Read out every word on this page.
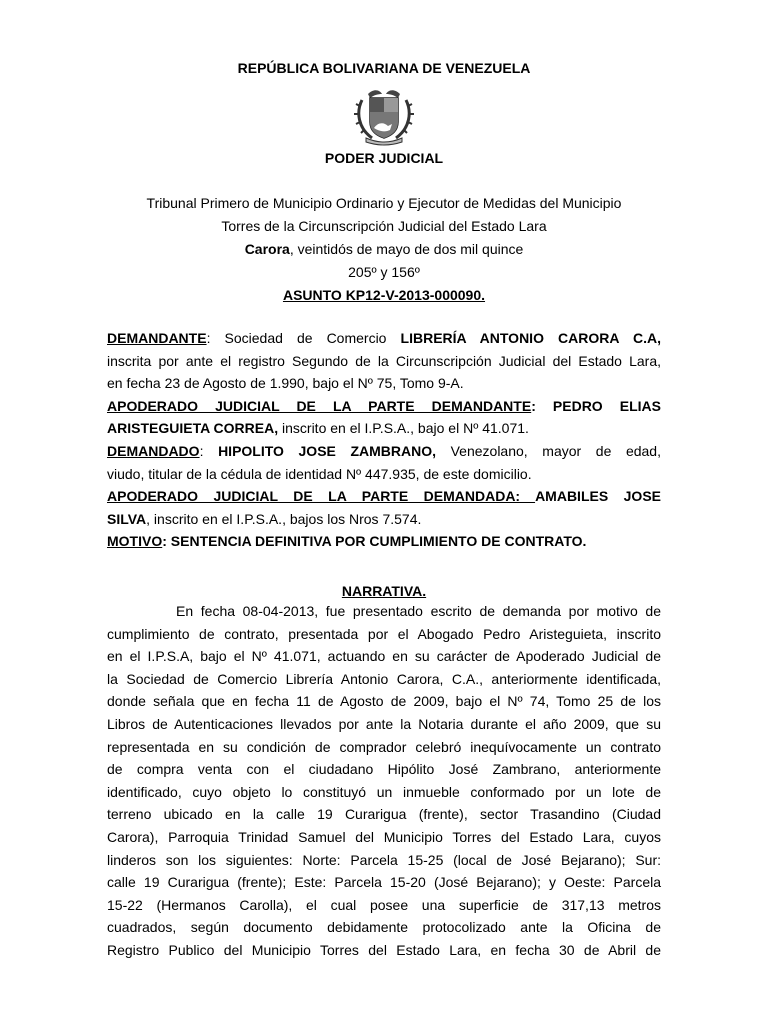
REPÚBLICA BOLIVARIANA DE VENEZUELA
PODER JUDICIAL
Tribunal Primero de Municipio Ordinario y Ejecutor de Medidas del Municipio
Torres de la Circunscripción Judicial del Estado Lara
Carora, veintidós de mayo de dos mil quince
205º y 156º
ASUNTO KP12-V-2013-000090.
DEMANDANTE: Sociedad de Comercio LIBRERÍA ANTONIO CARORA C.A,
inscrita por ante el registro Segundo de la Circunscripción Judicial del Estado Lara,
en fecha 23 de Agosto de 1.990, bajo el Nº 75, Tomo 9-A.
APODERADO JUDICIAL DE LA PARTE DEMANDANTE: PEDRO ELIAS
ARISTEGUIETA CORREA, inscrito en el I.P.S.A., bajo el Nº 41.071.
DEMANDADO: HIPOLITO JOSE ZAMBRANO, Venezolano, mayor de edad,
viudo, titular de la cédula de identidad Nº 447.935, de este domicilio.
APODERADO JUDICIAL DE LA PARTE DEMANDADA: AMABILES JOSE
SILVA, inscrito en el I.P.S.A., bajos los Nros 7.574.
MOTIVO: SENTENCIA DEFINITIVA POR CUMPLIMIENTO DE CONTRATO.
NARRATIVA.
En fecha 08-04-2013, fue presentado escrito de demanda por motivo de
cumplimiento de contrato, presentada por el Abogado Pedro Aristeguieta, inscrito
en el I.P.S.A, bajo el Nº 41.071, actuando en su carácter de Apoderado Judicial de
la Sociedad de Comercio Librería Antonio Carora, C.A., anteriormente identificada,
donde señala que en fecha 11 de Agosto de 2009, bajo el Nº 74, Tomo 25 de los
Libros de Autenticaciones llevados por ante la Notaria durante el año 2009, que su
representada en su condición de comprador celebró inequívocamente un contrato
de compra venta con el ciudadano Hipólito José Zambrano, anteriormente
identificado, cuyo objeto lo constituyó un inmueble conformado por un lote de
terreno ubicado en la calle 19 Curarigua (frente), sector Trasandino (Ciudad
Carora), Parroquia Trinidad Samuel del Municipio Torres del Estado Lara, cuyos
linderos son los siguientes: Norte: Parcela 15-25 (local de José Bejarano); Sur:
calle 19 Curarigua (frente); Este: Parcela 15-20 (José Bejarano); y Oeste: Parcela
15-22 (Hermanos Carolla), el cual posee una superficie de 317,13 metros
cuadrados, según documento debidamente protocolizado ante la Oficina de
Registro Publico del Municipio Torres del Estado Lara, en fecha 30 de Abril de
